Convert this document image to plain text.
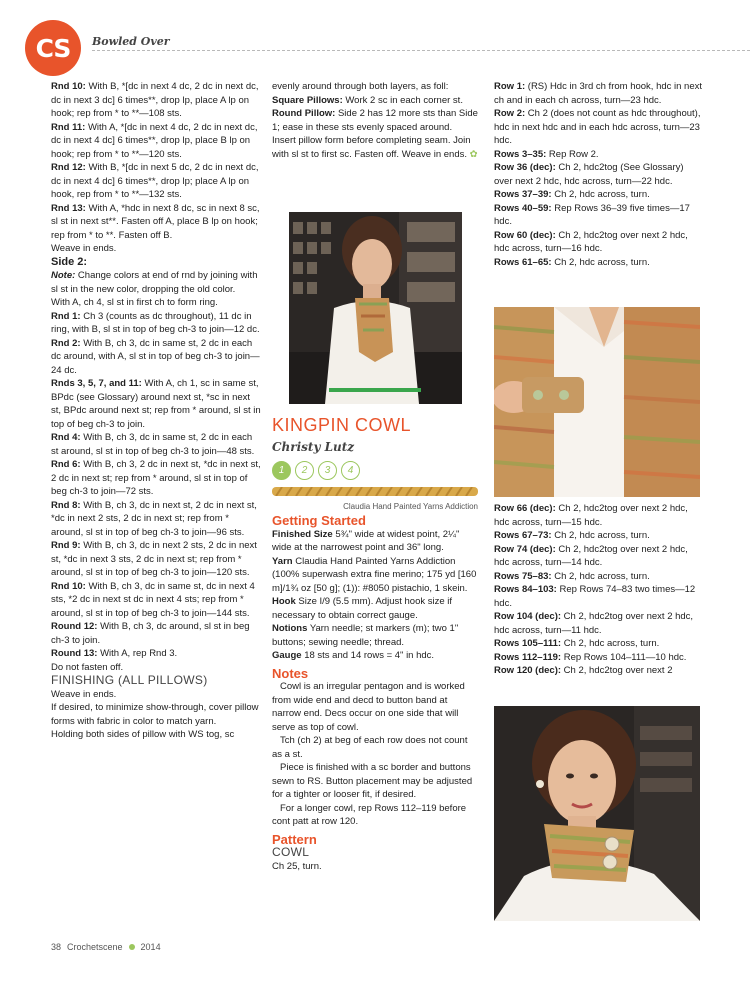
CS	Bowled Over

Rnd 10: With B, *[dc in next 4 dc, 2 dc in next dc, dc in next 3 dc] 6 times**, drop lp, place A lp on hook; rep from * to **—108 sts.

Rnd 11: With A, *[dc in next 4 dc, 2 dc in next dc, dc in next 4 dc] 6 times**, drop lp, place B lp on hook; rep from * to **—120 sts.

Rnd 12: With B, *[dc in next 5 dc, 2 dc in next dc, dc in next 4 dc] 6 times**, drop lp; place A lp on hook, rep from * to **—132 sts.

Rnd 13: With A, *hdc in next 8 dc, sc in next 8 sc, sl st in next st**. Fasten off A, place B lp on hook; rep from * to **. Fasten off B.

Weave in ends.

Side 2:

Note: Change colors at end of rnd by joining with sl st in the new color, dropping the old color.

With A, ch 4, sl st in first ch to form ring.

Rnd 1: Ch 3 (counts as dc throughout), 11 dc in ring, with B, sl st in top of beg ch-3 to join—12 dc.

Rnd 2: With B, ch 3, dc in same st, 2 dc in each dc around, with A, sl st in top of beg ch-3 to join—24 dc.

Rnds 3, 5, 7, and 11: With A, ch 1, sc in same st, BPdc (see Glossary) around next st, *sc in next st, BPdc around next st; rep from * around, sl st in top of beg ch-3 to join.

Rnd 4: With B, ch 3, dc in same st, 2 dc in each st around, sl st in top of beg ch-3 to join—48 sts.

Rnd 6: With B, ch 3, 2 dc in next st, *dc in next st, 2 dc in next st; rep from * around, sl st in top of beg ch-3 to join—72 sts.

Rnd 8: With B, ch 3, dc in next st, 2 dc in next st, *dc in next 2 sts, 2 dc in next st; rep from * around, sl st in top of beg ch-3 to join—96 sts.

Rnd 9: With B, ch 3, dc in next 2 sts, 2 dc in next st, *dc in next 3 sts, 2 dc in next st; rep from * around, sl st in top of beg ch-3 to join—120 sts.

Rnd 10: With B, ch 3, dc in same st, dc in next 4 sts, *2 dc in next st dc in next 4 sts; rep from * around, sl st in top of beg ch-3 to join—144 sts.

Round 12: With B, ch 3, dc around, sl st in beg ch-3 to join.

Round 13: With A, rep Rnd 3.

Do not fasten off.

FINISHING (ALL PILLOWS)

Weave in ends.

If desired, to minimize show-through, cover pillow forms with fabric in color to match yarn.

Holding both sides of pillow with WS tog, sc

evenly around through both layers, as foll:

Square Pillows: Work 2 sc in each corner st.

Round Pillow: Side 2 has 12 more sts than Side 1; ease in these sts evenly spaced around.

Insert pillow form before completing seam. Join with sl st to first sc. Fasten off. Weave in ends. ✿

KINGPIN COWL
Christy Lutz
1	2	3	4
Claudia Hand Painted Yarns Addiction

Getting Started

Finished Size 5¾" wide at widest point, 2¼" wide at the narrowest point and 36" long.

Yarn Claudia Hand Painted Yarns Addiction (100% superwash extra fine merino; 175 yd [160 m]/1¾ oz [50 g]; (1)): #8050 pistachio, 1 skein.

Hook Size I/9 (5.5 mm). Adjust hook size if necessary to obtain correct gauge.

Notions Yarn needle; st markers (m); two 1" buttons; sewing needle; thread.

Gauge 18 sts and 14 rows = 4" in hdc.

Notes

Cowl is an irregular pentagon and is worked from wide end and decd to button band at narrow end. Decs occur on one side that will serve as top of cowl.

Tch (ch 2) at beg of each row does not count as a st.

Piece is finished with a sc border and buttons sewn to RS. Button placement may be adjusted for a tighter or looser fit, if desired.

For a longer cowl, rep Rows 112–119 before cont patt at row 120.

Pattern

COWL

Ch 25, turn.

Row 1: (RS) Hdc in 3rd ch from hook, hdc in next ch and in each ch across, turn—23 hdc.

Row 2: Ch 2 (does not count as hdc throughout), hdc in next hdc and in each hdc across, turn—23 hdc.

Rows 3–35: Rep Row 2.

Row 36 (dec): Ch 2, hdc2tog (See Glossary) over next 2 hdc, hdc across, turn—22 hdc.

Rows 37–39: Ch 2, hdc across, turn.

Rows 40–59: Rep Rows 36–39 five times—17 hdc.

Row 60 (dec): Ch 2, hdc2tog over next 2 hdc, hdc across, turn—16 hdc.

Rows 61–65: Ch 2, hdc across, turn.

Row 66 (dec): Ch 2, hdc2tog over next 2 hdc, hdc across, turn—15 hdc.

Rows 67–73: Ch 2, hdc across, turn.

Row 74 (dec): Ch 2, hdc2tog over next 2 hdc, hdc across, turn—14 hdc.

Rows 75–83: Ch 2, hdc across, turn.

Rows 84–103: Rep Rows 74–83 two times—12 hdc.

Row 104 (dec): Ch 2, hdc2tog over next 2 hdc, hdc across, turn—11 hdc.

Rows 105–111: Ch 2, hdc across, turn.

Rows 112–119: Rep Rows 104–111—10 hdc.

Row 120 (dec): Ch 2, hdc2tog over next 2

38 Crochetscene 2014
